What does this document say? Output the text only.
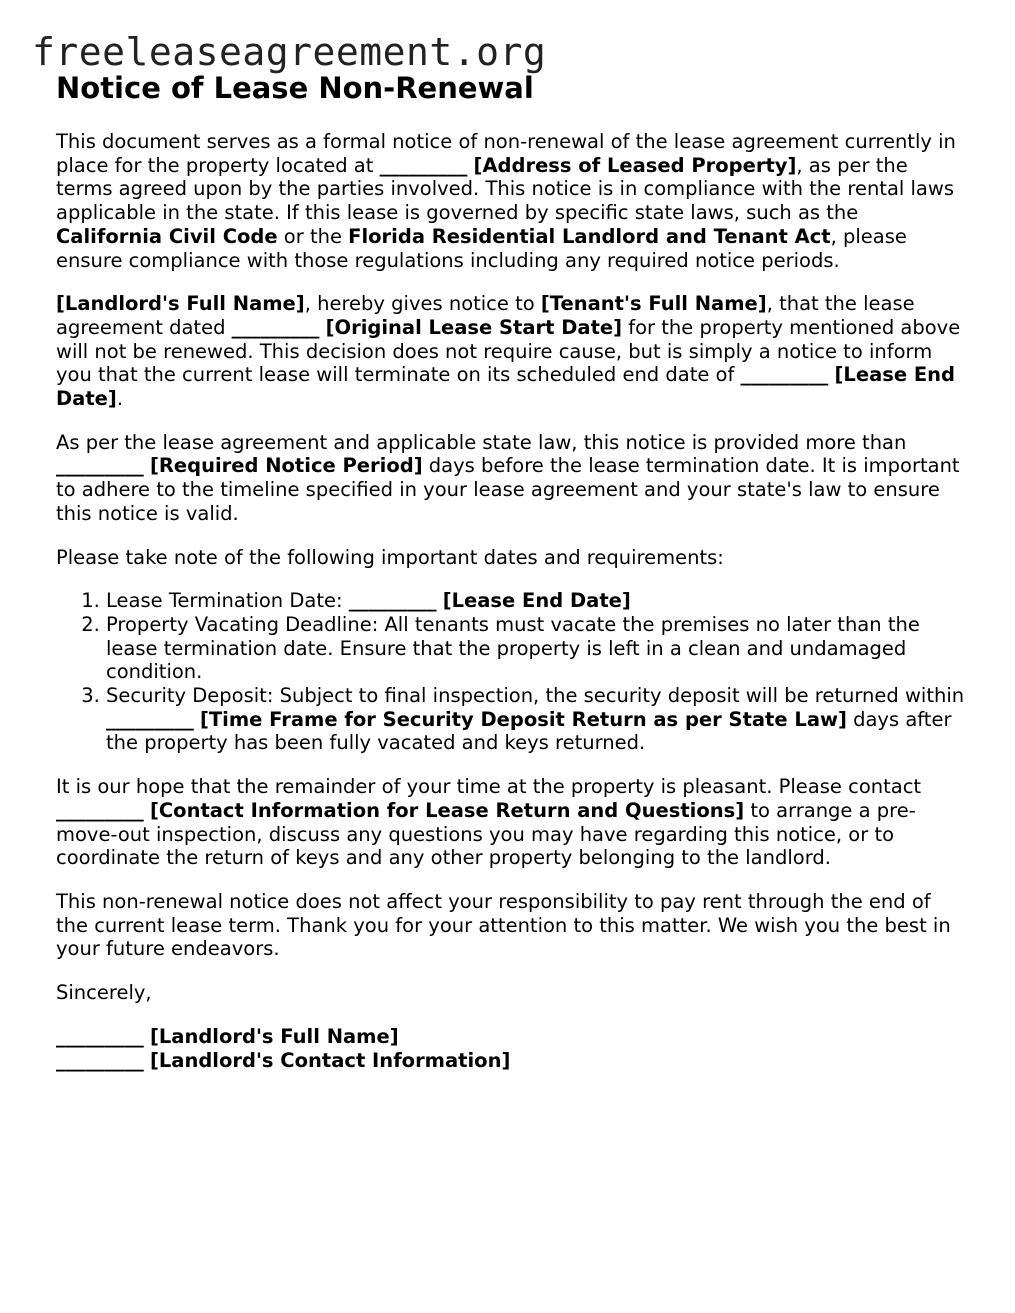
freeleaseagreement.org
Notice of Lease Non-Renewal

This document serves as a formal notice of non-renewal of the lease agreement currently in place for the property located at _________ [Address of Leased Property], as per the terms agreed upon by the parties involved. This notice is in compliance with the rental laws applicable in the state. If this lease is governed by specific state laws, such as the California Civil Code or the Florida Residential Landlord and Tenant Act, please ensure compliance with those regulations including any required notice periods.

[Landlord's Full Name], hereby gives notice to [Tenant's Full Name], that the lease agreement dated _________ [Original Lease Start Date] for the property mentioned above will not be renewed. This decision does not require cause, but is simply a notice to inform you that the current lease will terminate on its scheduled end date of _________ [Lease End Date].

As per the lease agreement and applicable state law, this notice is provided more than _________ [Required Notice Period] days before the lease termination date. It is important to adhere to the timeline specified in your lease agreement and your state's law to ensure this notice is valid.

Please take note of the following important dates and requirements:

1. Lease Termination Date: _________ [Lease End Date]
2. Property Vacating Deadline: All tenants must vacate the premises no later than the lease termination date. Ensure that the property is left in a clean and undamaged condition.
3. Security Deposit: Subject to final inspection, the security deposit will be returned within _________ [Time Frame for Security Deposit Return as per State Law] days after the property has been fully vacated and keys returned.

It is our hope that the remainder of your time at the property is pleasant. Please contact _________ [Contact Information for Lease Return and Questions] to arrange a pre-move-out inspection, discuss any questions you may have regarding this notice, or to coordinate the return of keys and any other property belonging to the landlord.

This non-renewal notice does not affect your responsibility to pay rent through the end of the current lease term. Thank you for your attention to this matter. We wish you the best in your future endeavors.

Sincerely,

_________ [Landlord's Full Name]

_________ [Landlord's Contact Information]
